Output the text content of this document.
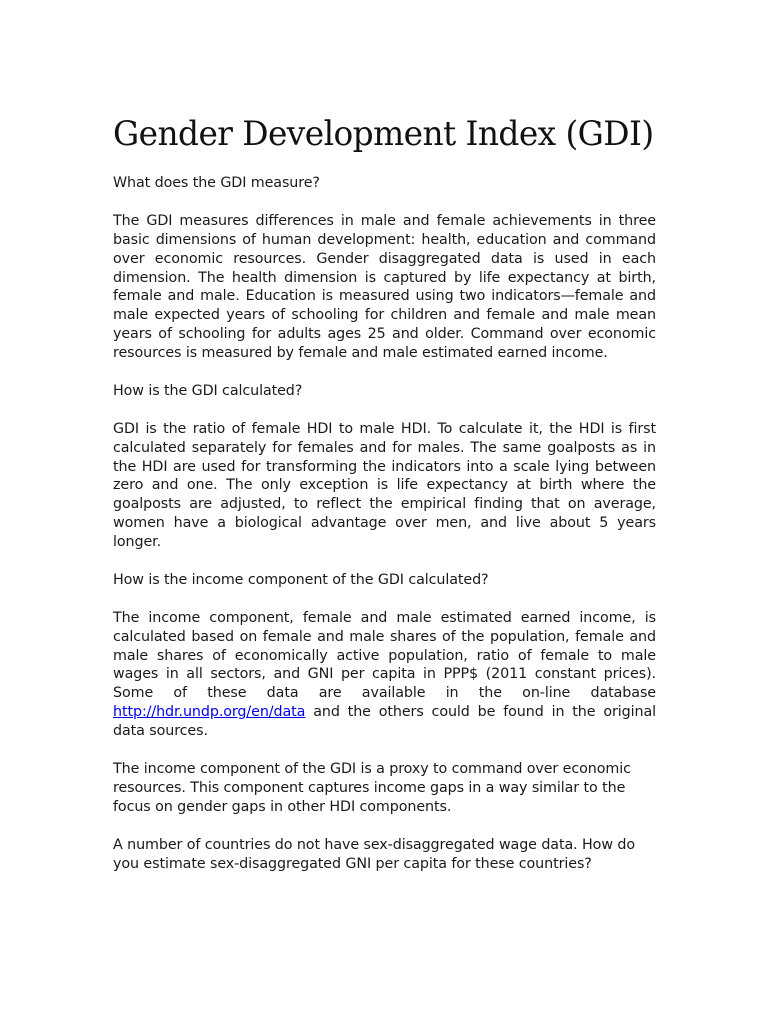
Gender Development Index (GDI)

What does the GDI measure?

The GDI measures differences in male and female achievements in three basic dimensions of human development: health, education and command over economic resources. Gender disaggregated data is used in each dimension. The health dimension is captured by life expectancy at birth, female and male. Education is measured using two indicators—female and male expected years of schooling for children and female and male mean years of schooling for adults ages 25 and older. Command over economic resources is measured by female and male estimated earned income.

How is the GDI calculated?

GDI is the ratio of female HDI to male HDI. To calculate it, the HDI is first calculated separately for females and for males. The same goalposts as in the HDI are used for transforming the indicators into a scale lying between zero and one. The only exception is life expectancy at birth where the goalposts are adjusted, to reflect the empirical finding that on average, women have a biological advantage over men, and live about 5 years longer.

How is the income component of the GDI calculated?

The income component, female and male estimated earned income, is calculated based on female and male shares of the population, female and male shares of economically active population, ratio of female to male wages in all sectors, and GNI per capita in PPP$ (2011 constant prices). Some of these data are available in the on-line database http://hdr.undp.org/en/data and the others could be found in the original data sources.

The income component of the GDI is a proxy to command over economic resources. This component captures income gaps in a way similar to the focus on gender gaps in other HDI components.

A number of countries do not have sex-disaggregated wage data. How do you estimate sex-disaggregated GNI per capita for these countries?
